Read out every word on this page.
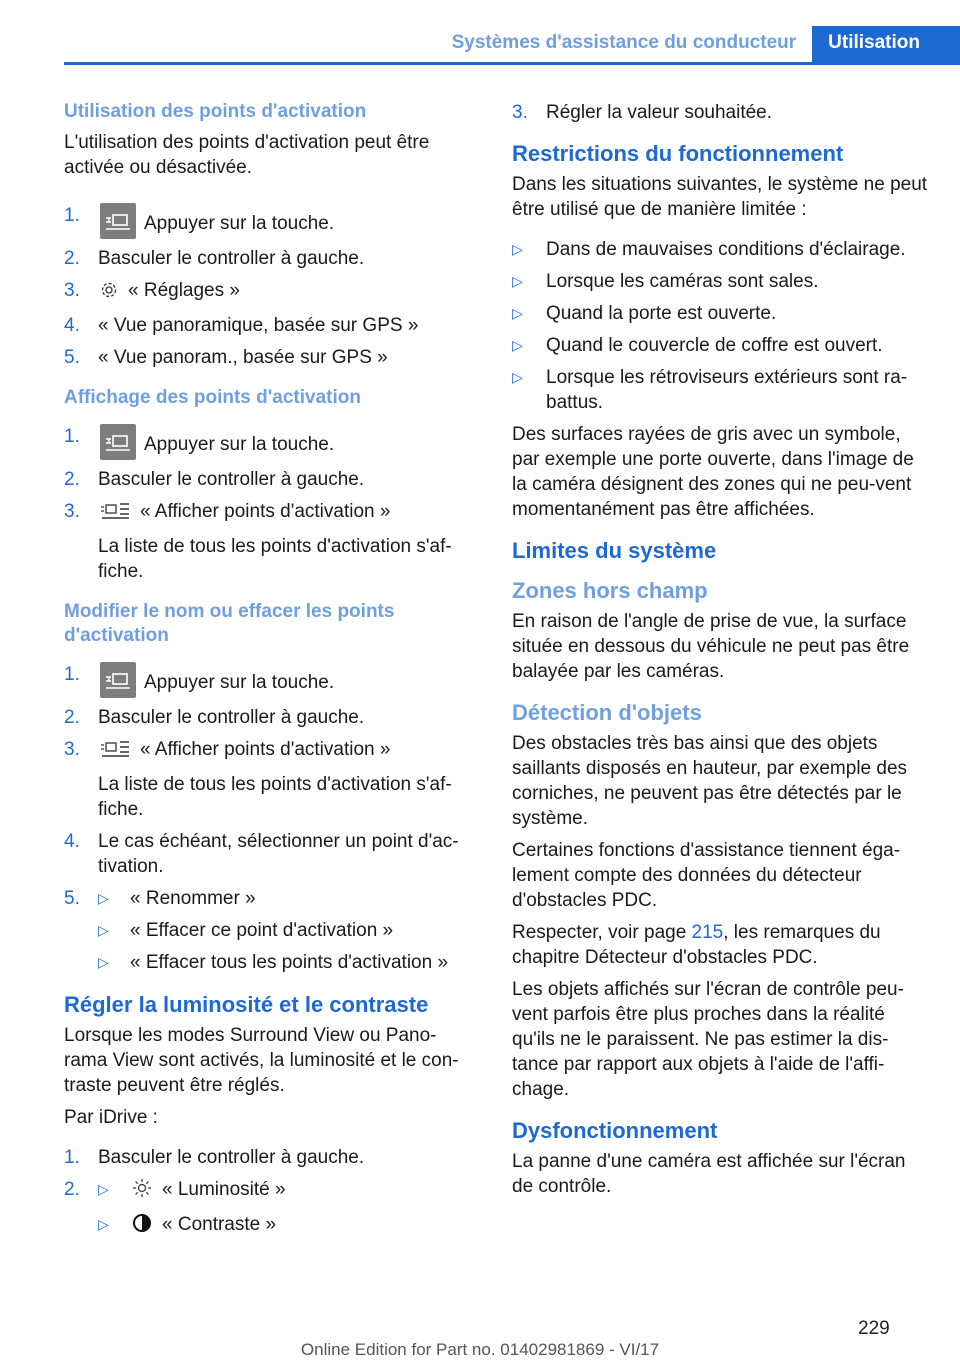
Systèmes d'assistance du conducteur	Utilisation
Utilisation des points d'activation
L'utilisation des points d'activation peut être activée ou désactivée.
1.	Appuyer sur la touche.
2. Basculer le controller à gauche.
3.	« Réglages »
4. « Vue panoramique, basée sur GPS »
5. « Vue panoram., basée sur GPS »
Affichage des points d'activation
1.	Appuyer sur la touche.
2. Basculer le controller à gauche.
3.	« Afficher points d'activation »
La liste de tous les points d'activation s'af‐fiche.
Modifier le nom ou effacer les points d'activation
1.	Appuyer sur la touche.
2. Basculer le controller à gauche.
3.	« Afficher points d'activation »
La liste de tous les points d'activation s'af‐fiche.
4. Le cas échéant, sélectionner un point d'ac‐tivation.
5.	▷	« Renommer »
▷	« Effacer ce point d'activation »
▷	« Effacer tous les points d'activation »
Régler la luminosité et le contraste
Lorsque les modes Surround View ou Pano‐rama View sont activés, la luminosité et le con‐traste peuvent être réglés.
Par iDrive :
1. Basculer le controller à gauche.
2.	▷	« Luminosité »
▷	« Contraste »
3. Régler la valeur souhaitée.
Restrictions du fonctionnement
Dans les situations suivantes, le système ne peut être utilisé que de manière limitée :
▷	Dans de mauvaises conditions d'éclairage.
▷	Lorsque les caméras sont sales.
▷	Quand la porte est ouverte.
▷	Quand le couvercle de coffre est ouvert.
▷	Lorsque les rétroviseurs extérieurs sont ra‐battus.
Des surfaces rayées de gris avec un symbole, par exemple une porte ouverte, dans l'image de la caméra désignent des zones qui ne peu‐vent momentanément pas être affichées.
Limites du système
Zones hors champ
En raison de l'angle de prise de vue, la surface située en dessous du véhicule ne peut pas être balayée par les caméras.
Détection d'objets
Des obstacles très bas ainsi que des objets saillants disposés en hauteur, par exemple des corniches, ne peuvent pas être détectés par le système.
Certaines fonctions d'assistance tiennent éga‐lement compte des données du détecteur d'obstacles PDC.
Respecter, voir page 215, les remarques du chapitre Détecteur d'obstacles PDC.
Les objets affichés sur l'écran de contrôle peu‐vent parfois être plus proches dans la réalité qu'ils ne le paraissent. Ne pas estimer la dis‐tance par rapport aux objets à l'aide de l'affi‐chage.
Dysfonctionnement
La panne d'une caméra est affichée sur l'écran de contrôle.
229
Online Edition for Part no. 01402981869 - VI/17
